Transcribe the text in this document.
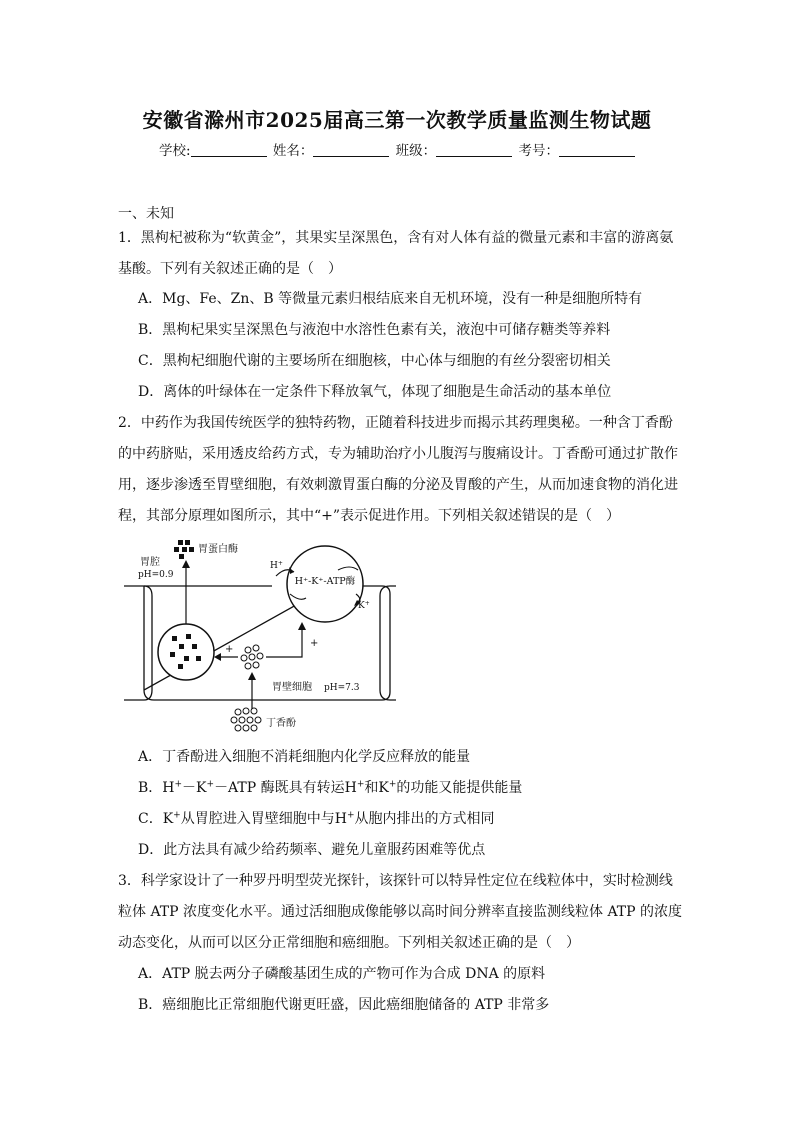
安徽省滁州市2025届高三第一次教学质量监测生物试题
学校:	姓名：	班级：	考号：
一、未知
1．黑枸杞被称为“软黄金”，其果实呈深黑色，含有对人体有益的微量元素和丰富的游离氨
基酸。下列有关叙述正确的是（　）
A．Mg、Fe、Zn、B 等微量元素归根结底来自无机环境，没有一种是细胞所特有
B．黑枸杞果实呈深黑色与液泡中水溶性色素有关，液泡中可储存糖类等养料
C．黑枸杞细胞代谢的主要场所在细胞核，中心体与细胞的有丝分裂密切相关
D．离体的叶绿体在一定条件下释放氧气，体现了细胞是生命活动的基本单位
2．中药作为我国传统医学的独特药物，正随着科技进步而揭示其药理奥秘。一种含丁香酚
的中药脐贴，采用透皮给药方式，专为辅助治疗小儿腹泻与腹痛设计。丁香酚可通过扩散作
用，逐步渗透至胃壁细胞，有效刺激胃蛋白酶的分泌及胃酸的产生，从而加速食物的消化进
程，其部分原理如图所示，其中“+”表示促进作用。下列相关叙述错误的是（　）
H⁺-K⁺-ATP酶
H+
K+
胃腔
pH=0.9
胃蛋白酶
+
+
胃壁细胞 pH=7.3
丁香酚
A．丁香酚进入细胞不消耗细胞内化学反应释放的能量
B．H+－K+－ATP 酶既具有转运H+和K+的功能又能提供能量
C．K+从胃腔进入胃壁细胞中与H+从胞内排出的方式相同
D．此方法具有减少给药频率、避免儿童服药困难等优点
3．科学家设计了一种罗丹明型荧光探针，该探针可以特异性定位在线粒体中，实时检测线
粒体 ATP 浓度变化水平。通过活细胞成像能够以高时间分辨率直接监测线粒体 ATP 的浓度
动态变化，从而可以区分正常细胞和癌细胞。下列相关叙述正确的是（　）
A．ATP 脱去两分子磷酸基团生成的产物可作为合成 DNA 的原料
B．癌细胞比正常细胞代谢更旺盛，因此癌细胞储备的 ATP 非常多
